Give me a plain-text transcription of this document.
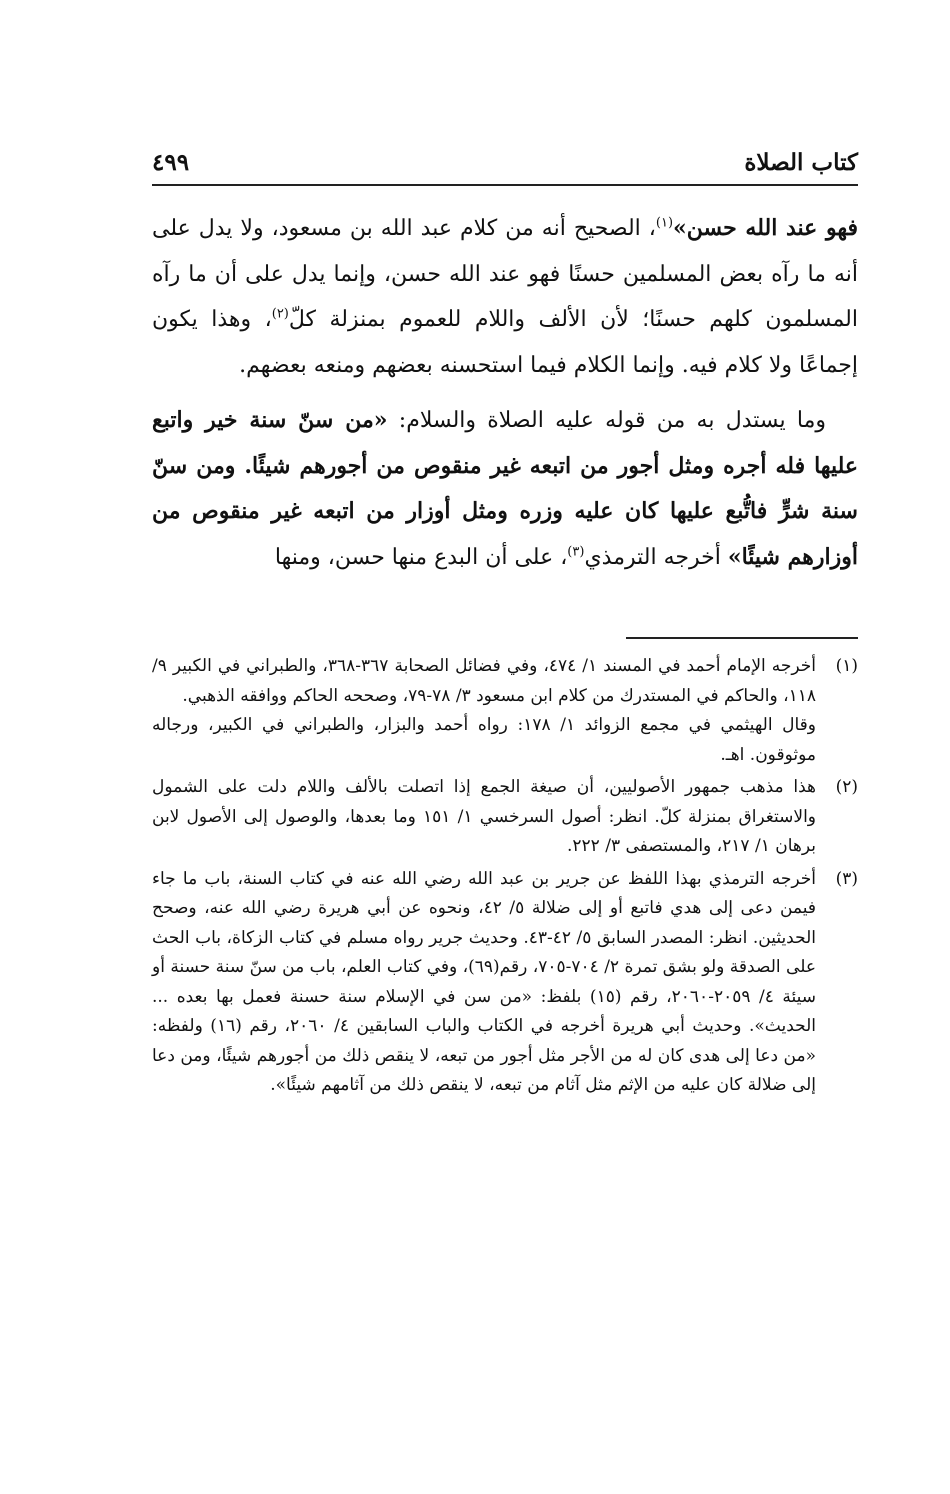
كتاب الصلاة
٤٩٩

فهو عند الله حسن»$^{(١)}$، الصحيح أنه من كلام عبد الله بن مسعود، ولا يدل على أنه ما رآه بعض المسلمين حسنًا فهو عند الله حسن، وإنما يدل على أن ما رآه المسلمون كلهم حسنًا؛ لأن الألف واللام للعموم بمنزلة كلّ$^{(٢)}$، وهذا يكون إجماعًا ولا كلام فيه. وإنما الكلام فيما استحسنه بعضهم ومنعه بعضهم.

وما يستدل به من قوله عليه الصلاة والسلام: «من سنّ سنة خير واتبع عليها فله أجره ومثل أجور من اتبعه غير منقوص من أجورهم شيئًا. ومن سنّ سنة شرٍّ فاتُّبع عليها كان عليه وزره ومثل أوزار من اتبعه غير منقوص من أوزارهم شيئًا» أخرجه الترمذي$^{(٣)}$، على أن البدع منها حسن، ومنها

(١)

أخرجه الإمام أحمد في المسند ١/ ٤٧٤، وفي فضائل الصحابة ٣٦٧-٣٦٨، والطبراني في الكبير ٩/ ١١٨، والحاكم في المستدرك من كلام ابن مسعود ٣/ ٧٨-٧٩، وصححه الحاكم ووافقه الذهبي.

وقال الهيثمي في مجمع الزوائد ١/ ١٧٨: رواه أحمد والبزار، والطبراني في الكبير، ورجاله موثوقون. اهـ.

(٢)

هذا مذهب جمهور الأصوليين، أن صيغة الجمع إذا اتصلت بالألف واللام دلت على الشمول والاستغراق بمنزلة كلّ. انظر: أصول السرخسي ١/ ١٥١ وما بعدها، والوصول إلى الأصول لابن برهان ١/ ٢١٧، والمستصفى ٣/ ٢٢٢.

(٣)

أخرجه الترمذي بهذا اللفظ عن جرير بن عبد الله رضي الله عنه في كتاب السنة، باب ما جاء فيمن دعى إلى هدي فاتبع أو إلى ضلالة ٥/ ٤٢، ونحوه عن أبي هريرة رضي الله عنه، وصحح الحديثين. انظر: المصدر السابق ٥/ ٤٢-٤٣. وحديث جرير رواه مسلم في كتاب الزكاة، باب الحث على الصدقة ولو بشق تمرة ٢/ ٧٠٤-٧٠٥، رقم(٦٩)، وفي كتاب العلم، باب من سنّ سنة حسنة أو سيئة ٤/ ٢٠٥٩-٢٠٦٠، رقم (١٥) بلفظ: «من سن في الإسلام سنة حسنة فعمل بها بعده ... الحديث». وحديث أبي هريرة أخرجه في الكتاب والباب السابقين ٤/ ٢٠٦٠، رقم (١٦) ولفظه: «من دعا إلى هدى كان له من الأجر مثل أجور من تبعه، لا ينقص ذلك من أجورهم شيئًا، ومن دعا إلى ضلالة كان عليه من الإثم مثل آثام من تبعه، لا ينقص ذلك من آثامهم شيئًا».
